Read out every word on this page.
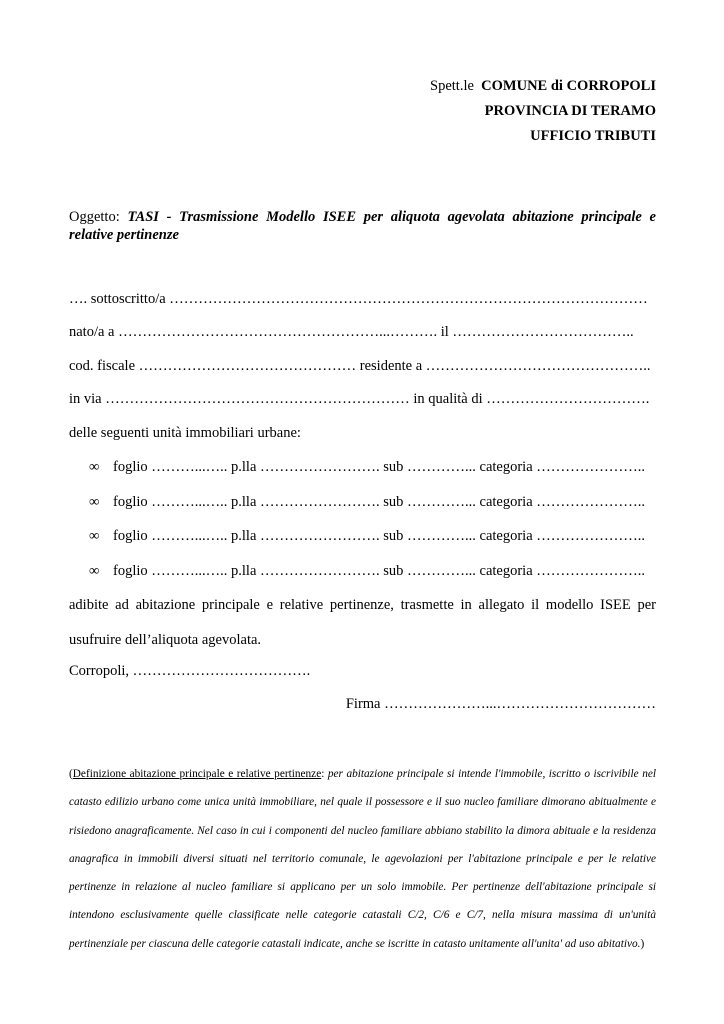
Spett.le COMUNE di CORROPOLI
PROVINCIA DI TERAMO
UFFICIO TRIBUTI
Oggetto: TASI - Trasmissione Modello ISEE per aliquota agevolata abitazione principale e relative pertinenze
…. sottoscritto/a ………………………………………………………………………………………
nato/a a ………………………………………………...………. il ………………………………..
cod. fiscale ……………………………………… residente a ………………………………………..
in via ……………………………………………………… in qualità di …………………………….
delle seguenti unità immobiliari urbane:
∞ foglio ………...….. p.lla ……………………. sub …………... categoria …………………..
∞ foglio ………...….. p.lla ……………………. sub …………... categoria …………………..
∞ foglio ………...….. p.lla ……………………. sub …………... categoria …………………..
∞ foglio ………...….. p.lla ……………………. sub …………... categoria …………………..
adibite ad abitazione principale e relative pertinenze, trasmette in allegato il modello ISEE per usufruire dell’aliquota agevolata.
Corropoli, ……………………………….
Firma …………………...……………………………
(Definizione abitazione principale e relative pertinenze: per abitazione principale si intende l'immobile, iscritto o iscrivibile nel catasto edilizio urbano come unica unità immobiliare, nel quale il possessore e il suo nucleo familiare dimorano abitualmente e risiedono anagraficamente. Nel caso in cui i componenti del nucleo familiare abbiano stabilito la dimora abituale e la residenza anagrafica in immobili diversi situati nel territorio comunale, le agevolazioni per l'abitazione principale e per le relative pertinenze in relazione al nucleo familiare si applicano per un solo immobile. Per pertinenze dell'abitazione principale si intendono esclusivamente quelle classificate nelle categorie catastali C/2, C/6 e C/7, nella misura massima di un'unità pertinenziale per ciascuna delle categorie catastali indicate, anche se iscritte in catasto unitamente all'unita' ad uso abitativo.)
